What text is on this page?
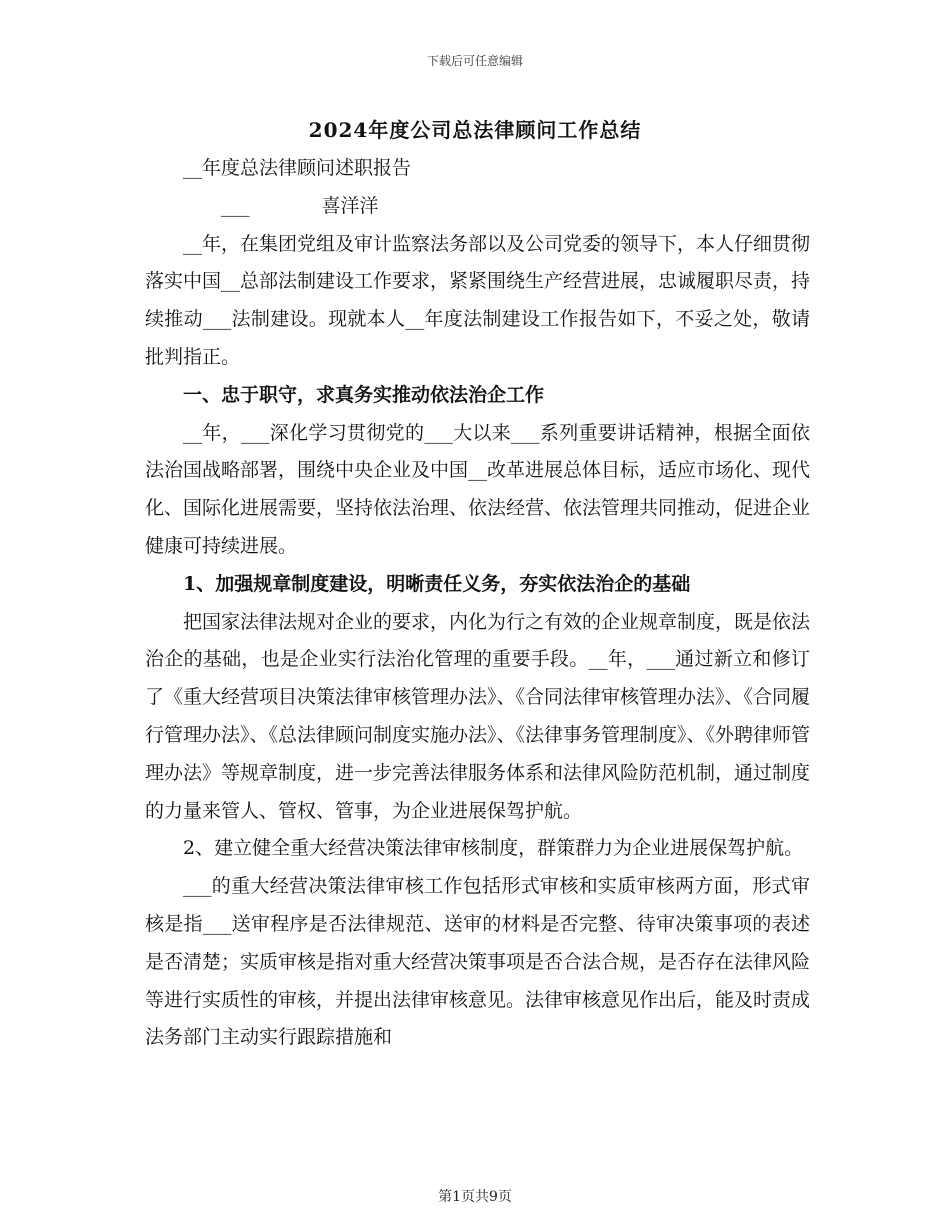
下载后可任意编辑
2024年度公司总法律顾问工作总结

__年度总法律顾问述职报告

___	喜洋洋

__年，在集团党组及审计监察法务部以及公司党委的领导下，本人仔细贯彻落实中国__总部法制建设工作要求，紧紧围绕生产经营进展，忠诚履职尽责，持续推动___法制建设。现就本人__年度法制建设工作报告如下，不妥之处，敬请批判指正。

一、忠于职守，求真务实推动依法治企工作

__年，___深化学习贯彻党的___大以来___系列重要讲话精神，根据全面依法治国战略部署，围绕中央企业及中国__改革进展总体目标，适应市场化、现代化、国际化进展需要，坚持依法治理、依法经营、依法管理共同推动，促进企业健康可持续进展。

1、加强规章制度建设，明晰责任义务，夯实依法治企的基础

把国家法律法规对企业的要求，内化为行之有效的企业规章制度，既是依法治企的基础，也是企业实行法治化管理的重要手段。__年，___通过新立和修订了《重大经营项目决策法律审核管理办法》、《合同法律审核管理办法》、《合同履行管理办法》、《总法律顾问制度实施办法》、《法律事务管理制度》、《外聘律师管理办法》等规章制度，进一步完善法律服务体系和法律风险防范机制，通过制度的力量来管人、管权、管事，为企业进展保驾护航。

2、建立健全重大经营决策法律审核制度，群策群力为企业进展保驾护航。

___的重大经营决策法律审核工作包括形式审核和实质审核两方面，形式审核是指___送审程序是否法律规范、送审的材料是否完整、待审决策事项的表述是否清楚；实质审核是指对重大经营决策事项是否合法合规，是否存在法律风险等进行实质性的审核，并提出法律审核意见。法律审核意见作出后，能及时责成法务部门主动实行跟踪措施和

第1页共9页
